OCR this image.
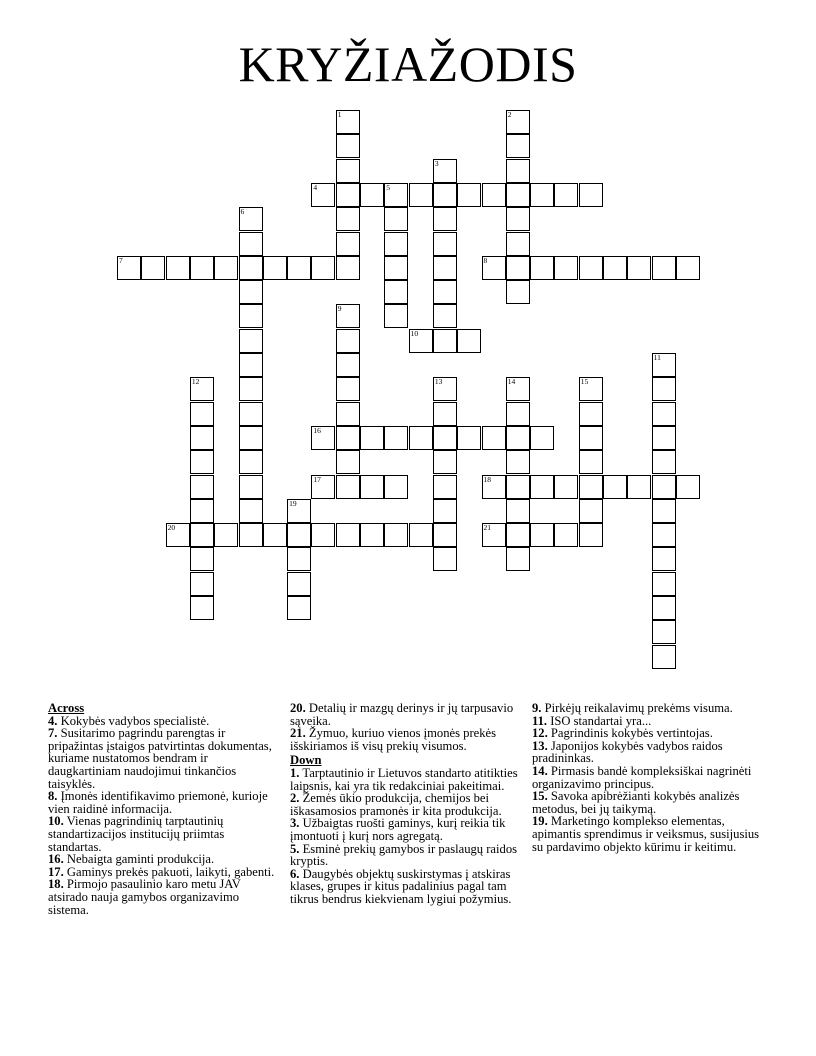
KRYŽIAŽODIS
1	2
3
4	5
6
7	8
9
10
11
12	13	14	15
16
17	18
19
20	21
Across

4. Kokybės vadybos specialistė.

7. Susitarimo pagrindu parengtas ir pripažintas įstaigos patvirtintas dokumentas, kuriame nustatomos bendram ir daugkartiniam naudojimui tinkančios taisyklės.

8. Įmonės identifikavimo priemonė, kurioje vien raidinė informacija.

10. Vienas pagrindinių tarptautinių standartizacijos institucijų priimtas standartas.

16. Nebaigta gaminti produkcija.

17. Gaminys prekės pakuoti, laikyti, gabenti.

18. Pirmojo pasaulinio karo metu JAV atsirado nauja gamybos organizavimo sistema.

20. Detalių ir mazgų derinys ir jų tarpusavio sąveika.

21. Žymuo, kuriuo vienos įmonės prekės išskiriamos iš visų prekių visumos.

Down

1. Tarptautinio ir Lietuvos standarto atitikties laipsnis, kai yra tik redakciniai pakeitimai.

2. Žemės ūkio produkcija, chemijos bei iškasamosios pramonės ir kita produkcija.

3. Užbaigtas ruošti gaminys, kurį reikia tik įmontuoti į kurį nors agregatą.

5. Esminė prekių gamybos ir paslaugų raidos kryptis.

6. Daugybės objektų suskirstymas į atskiras klases, grupes ir kitus padalinius pagal tam tikrus bendrus kiekvienam lygiui požymius.

9. Pirkėjų reikalavimų prekėms visuma.

11. ISO standartai yra...

12. Pagrindinis kokybės vertintojas.

13. Japonijos kokybės vadybos raidos pradininkas.

14. Pirmasis bandė kompleksiškai nagrinėti organizavimo principus.

15. Savoka apibrėžianti kokybės analizės metodus, bei jų taikymą.

19. Marketingo komplekso elementas, apimantis sprendimus ir veiksmus, susijusius su pardavimo objekto kūrimu ir keitimu.
